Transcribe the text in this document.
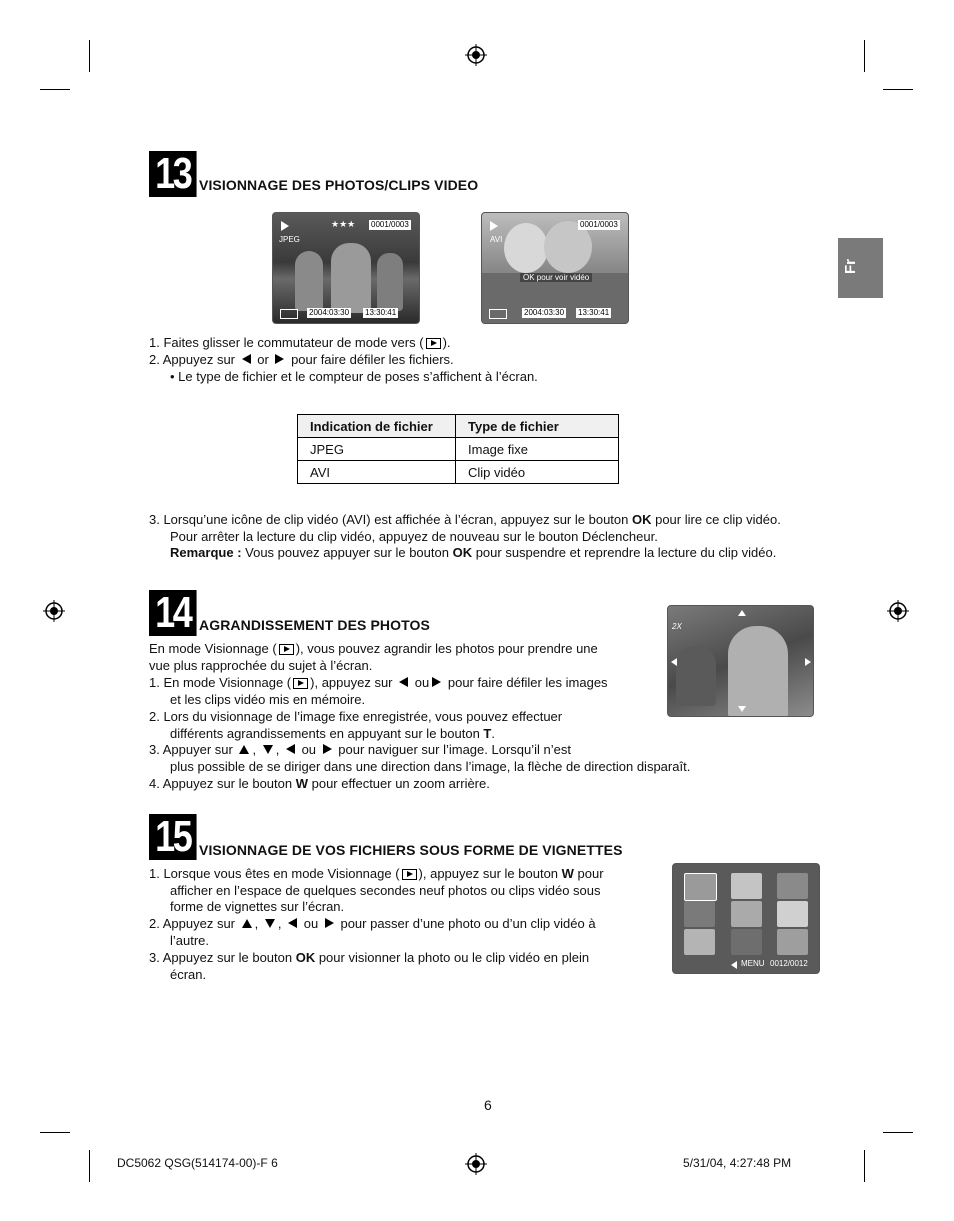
Fr
13 VISIONNAGE DES PHOTOS/CLIPS VIDEO
JPEG
★★★ 0001/0003
2004:03:30 13:30:41
AVI
0001/0003
OK pour voir vidéo
2004:03:30 13:30:41
1. Faites glisser le commutateur de mode vers ( ).
2. Appuyez sur or pour faire défiler les fichiers.
• Le type de fichier et le compteur de poses s’affichent à l’écran.
Indication de fichier	Type de fichier
JPEG	Image fixe
AVI	Clip vidéo
3. Lorsqu’une icône de clip vidéo (AVI) est affichée à l’écran, appuyez sur le bouton OK pour lire ce clip vidéo.
Pour arrêter la lecture du clip vidéo, appuyez de nouveau sur le bouton Déclencheur.
Remarque : Vous pouvez appuyer sur le bouton OK pour suspendre et reprendre la lecture du clip vidéo.
14 AGRANDISSEMENT DES PHOTOS	2X
En mode Visionnage ( ), vous pouvez agrandir les photos pour prendre une
vue plus rapprochée du sujet à l’écran.
1. En mode Visionnage ( ), appuyez sur ou pour faire défiler les images
et les clips vidéo mis en mémoire.
2. Lors du visionnage de l’image fixe enregistrée, vous pouvez effectuer
différents agrandissements en appuyant sur le bouton T.
3. Appuyer sur , , ou pour naviguer sur l’image. Lorsqu’il n’est
plus possible de se diriger dans une direction dans l’image, la flèche de direction disparaît.
4. Appuyez sur le bouton W pour effectuer un zoom arrière.
15 VISIONNAGE DE VOS FICHIERS SOUS FORME DE VIGNETTES
MENU 0012/0012
1. Lorsque vous êtes en mode Visionnage ( ), appuyez sur le bouton W pour
afficher en l’espace de quelques secondes neuf photos ou clips vidéo sous
forme de vignettes sur l’écran.
2. Appuyez sur , , ou pour passer d’une photo ou d’un clip vidéo à
l’autre.
3. Appuyez sur le bouton OK pour visionner la photo ou le clip vidéo en plein
écran.
6
DC5062 QSG(514174-00)-F 6	5/31/04, 4:27:48 PM
